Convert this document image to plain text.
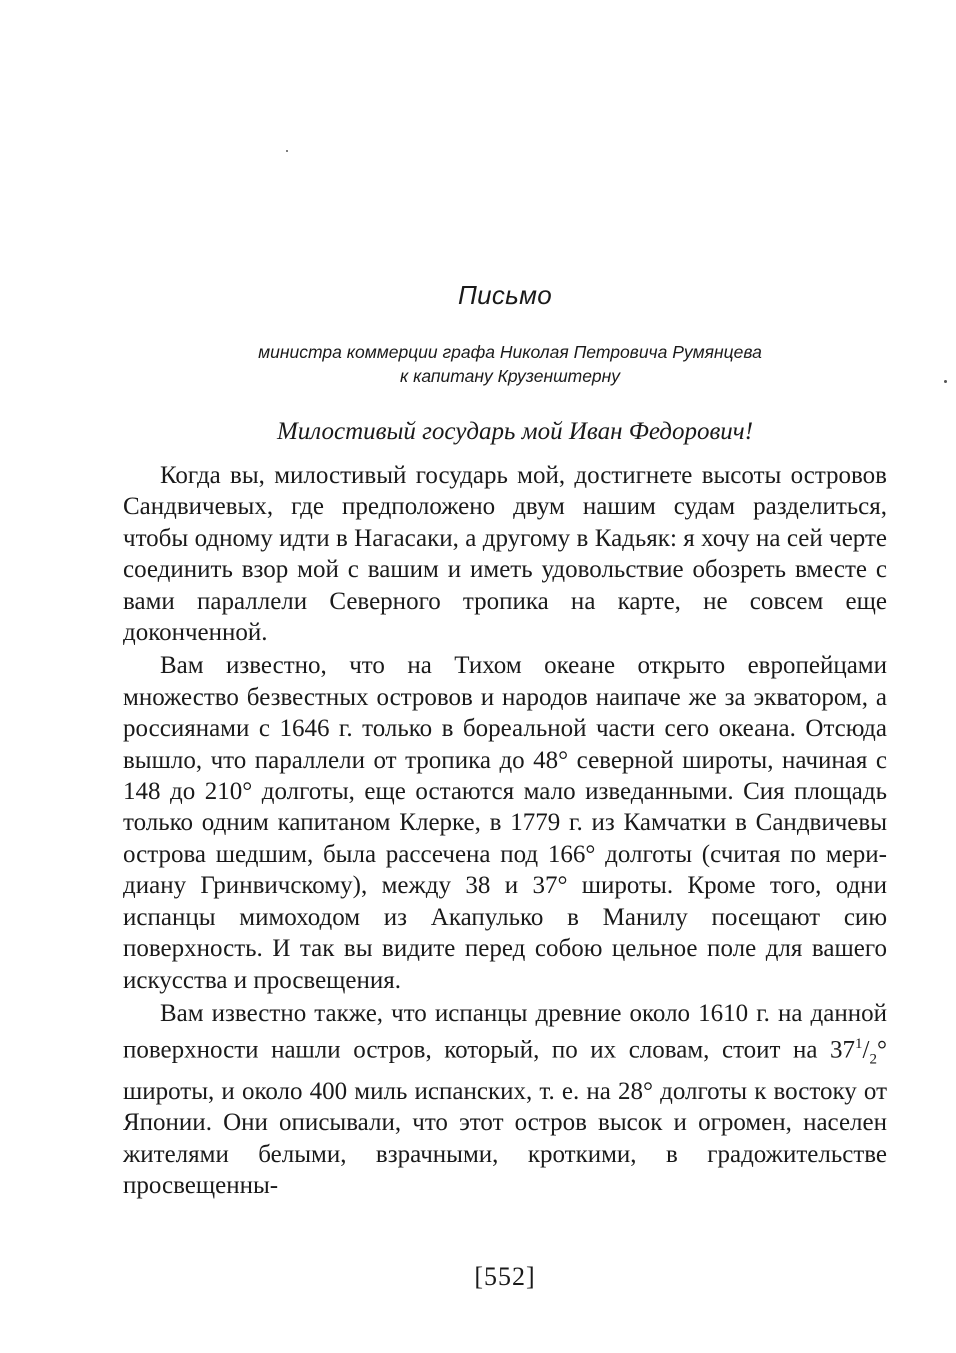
Письмо
министра коммерции графа Николая Петровича Румянцева
к капитану Крузенштерну
Милостивый государь мой Иван Федорович!

Когда вы, милостивый государь мой, достигнете высоты островов Сандвичевых, где предположено двум нашим судам разделиться, чтобы одному идти в Нагасаки, а другому в Кадьяк: я хочу на сей черте соединить взор мой с вашим и иметь удовольствие обозреть вместе с вами параллели Северного тропика на карте, не совсем еще доконченной.

Вам известно, что на Тихом океане открыто европейцами множество безвестных островов и народов наипаче же за экватором, а россиянами с 1646 г. только в бореальной части сего океана. Отсюда вышло, что параллели от тропика до 48° северной широты, начиная с 148 до 210° долготы, еще остаются мало изведанными. Сия площадь только одним капитаном Клерке, в 1779 г. из Камчатки в Сандвичевы острова шедшим, была рассечена под 166° долготы (считая по меридиану Гринвичскому), между 38 и 37° широты. Кроме того, одни испанцы мимоходом из Акапулько в Манилу посещают сию поверхность. И так вы видите перед собою цельное поле для вашего искусства и просвещения.

Вам известно также, что испанцы древние около 1610 г. на данной поверхности нашли остров, который, по их словам, стоит на $37^1/_2^\circ$ широты, и около 400 миль испанских, т. е. на 28° долготы к востоку от Японии. Они описывали, что этот остров высок и огромен, населен жителями белыми, взрачными, кроткими, в градожительстве просвещенны-

[552]
